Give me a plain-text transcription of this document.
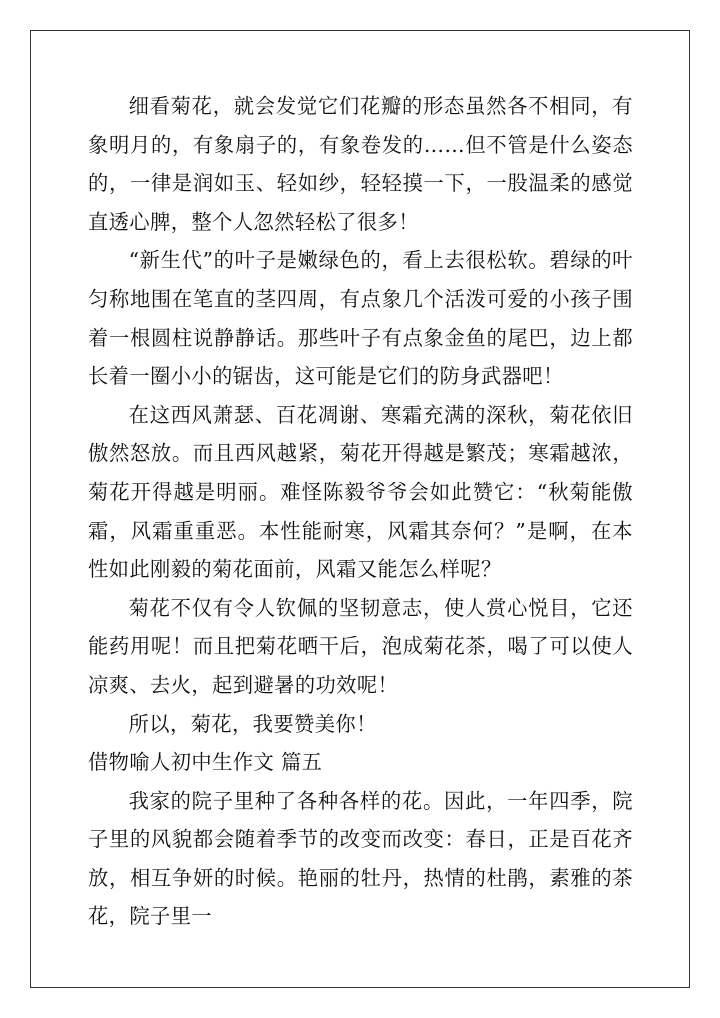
细看菊花，就会发觉它们花瓣的形态虽然各不相同，有象明月的，有象扇子的，有象卷发的……但不管是什么姿态的，一律是润如玉、轻如纱，轻轻摸一下，一股温柔的感觉直透心脾，整个人忽然轻松了很多！

“新生代”的叶子是嫩绿色的，看上去很松软。碧绿的叶匀称地围在笔直的茎四周，有点象几个活泼可爱的小孩子围着一根圆柱说静静话。那些叶子有点象金鱼的尾巴，边上都长着一圈小小的锯齿，这可能是它们的防身武器吧！

在这西风萧瑟、百花凋谢、寒霜充满的深秋，菊花依旧傲然怒放。而且西风越紧，菊花开得越是繁茂；寒霜越浓，菊花开得越是明丽。难怪陈毅爷爷会如此赞它：“秋菊能傲霜，风霜重重恶。本性能耐寒，风霜其奈何？”是啊，在本性如此刚毅的菊花面前，风霜又能怎么样呢？

菊花不仅有令人钦佩的坚韧意志，使人赏心悦目，它还能药用呢！而且把菊花晒干后，泡成菊花茶，喝了可以使人凉爽、去火，起到避暑的功效呢！

所以，菊花，我要赞美你！

借物喻人初中生作文 篇五

我家的院子里种了各种各样的花。因此，一年四季，院子里的风貌都会随着季节的改变而改变：春日，正是百花齐放，相互争妍的时候。艳丽的牡丹，热情的杜鹃，素雅的茶花，院子里一
